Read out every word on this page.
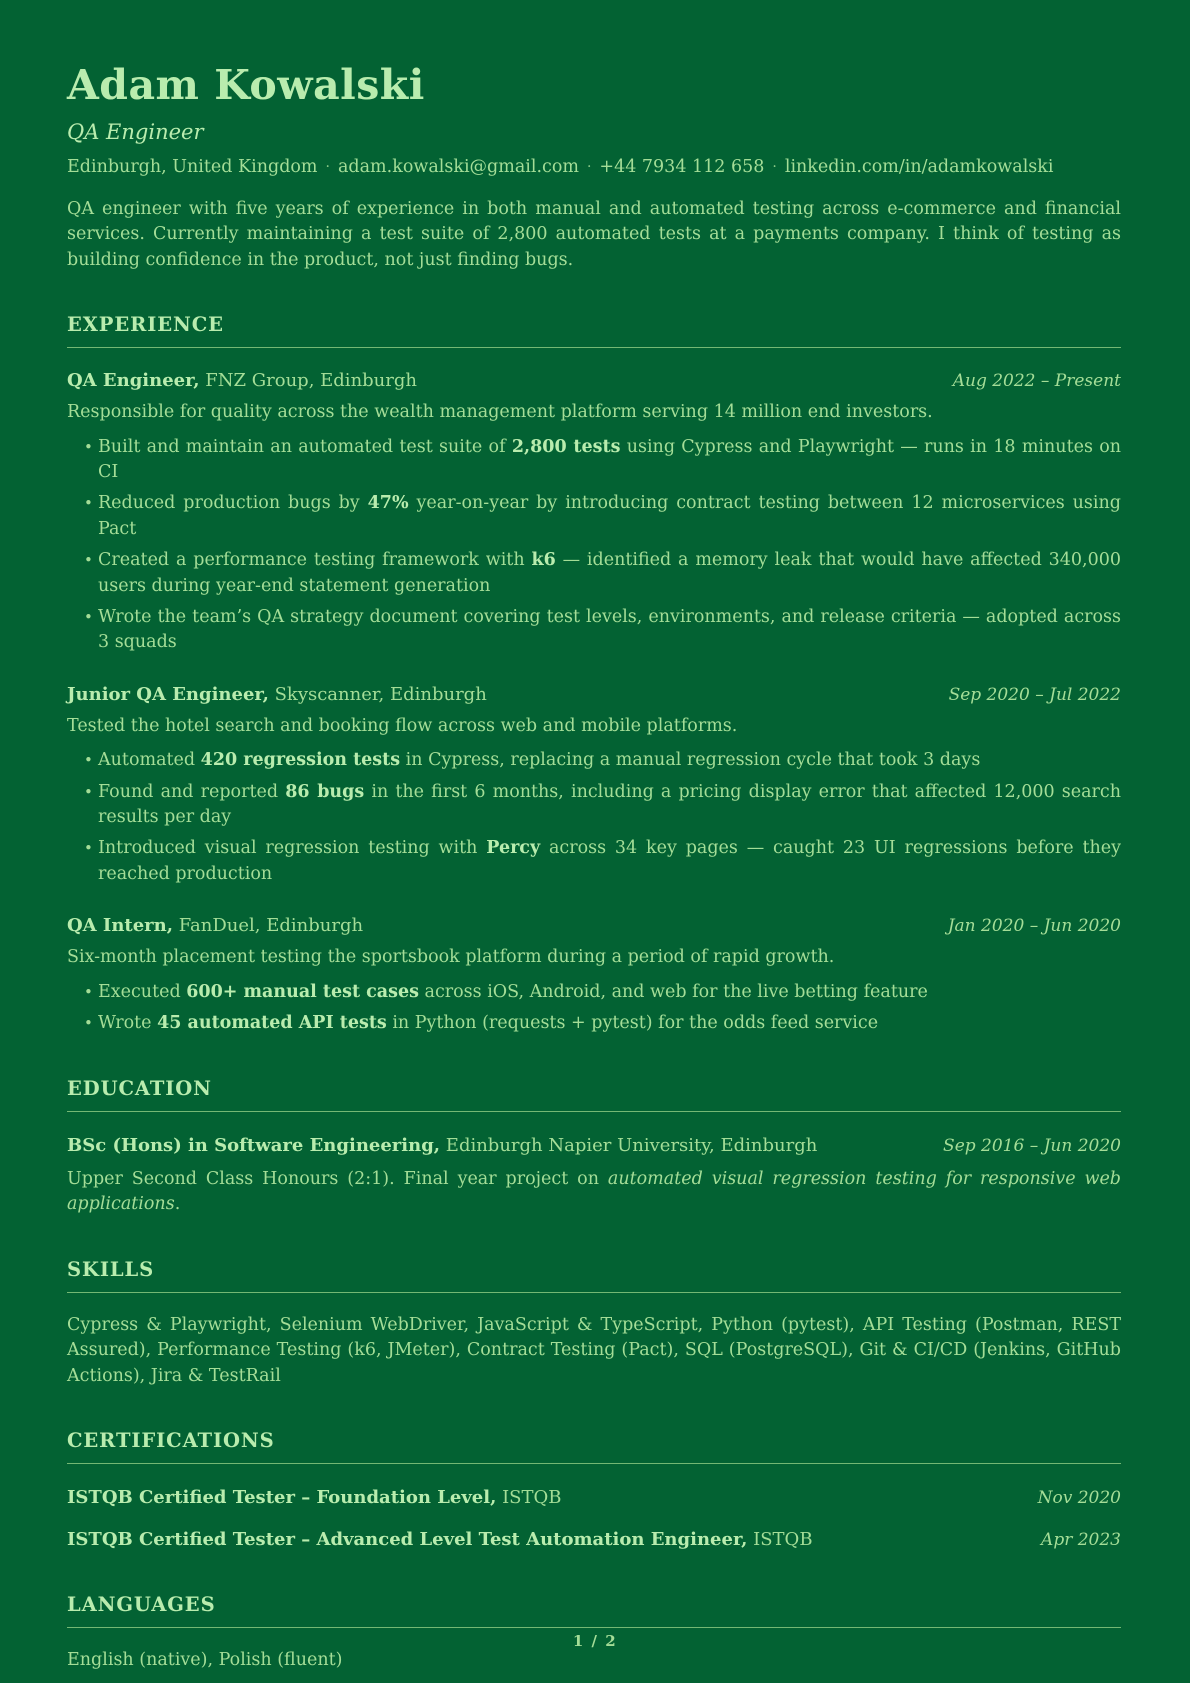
Adam Kowalski
QA Engineer
Edinburgh, United Kingdom · adam.kowalski@gmail.com · +44 7934 112 658 · linkedin.com/in/adamkowalski

QA engineer with five years of experience in both manual and automated testing across e-commerce and financial services. Currently maintaining a test suite of 2,800 automated tests at a payments company. I think of testing as building confidence in the product, not just finding bugs.

EXPERIENCE
QA Engineer, FNZ Group, Edinburgh	Aug 2022 – Present

Responsible for quality across the wealth management platform serving 14 million end investors.

• Built and maintain an automated test suite of 2,800 tests using Cypress and Playwright — runs in 18 minutes on CI
• Reduced production bugs by 47% year-on-year by introducing contract testing between 12 microservices using Pact
• Created a performance testing framework with k6 — identified a memory leak that would have affected 340,000 users during year-end statement generation
• Wrote the team’s QA strategy document covering test levels, environments, and release criteria — adopted across 3 squads
Junior QA Engineer, Skyscanner, Edinburgh	Sep 2020 – Jul 2022

Tested the hotel search and booking flow across web and mobile platforms.

• Automated 420 regression tests in Cypress, replacing a manual regression cycle that took 3 days
• Found and reported 86 bugs in the first 6 months, including a pricing display error that affected 12,000 search results per day
• Introduced visual regression testing with Percy across 34 key pages — caught 23 UI regressions before they reached production
QA Intern, FanDuel, Edinburgh	Jan 2020 – Jun 2020

Six-month placement testing the sportsbook platform during a period of rapid growth.

• Executed 600+ manual test cases across iOS, Android, and web for the live betting feature
• Wrote 45 automated API tests in Python (requests + pytest) for the odds feed service
EDUCATION
BSc (Hons) in Software Engineering, Edinburgh Napier University, Edinburgh	Sep 2016 – Jun 2020

Upper Second Class Honours (2:1). Final year project on automated visual regression testing for responsive web applications.

SKILLS

Cypress & Playwright, Selenium WebDriver, JavaScript & TypeScript, Python (pytest), API Testing (Postman, REST Assured), Performance Testing (k6, JMeter), Contract Testing (Pact), SQL (PostgreSQL), Git & CI/CD (Jenkins, GitHub Actions), Jira & TestRail

CERTIFICATIONS
ISTQB Certified Tester – Foundation Level, ISTQB	Nov 2020
ISTQB Certified Tester – Advanced Level Test Automation Engineer, ISTQB	Apr 2023
LANGUAGES

English (native), Polish (fluent)

1 / 2
